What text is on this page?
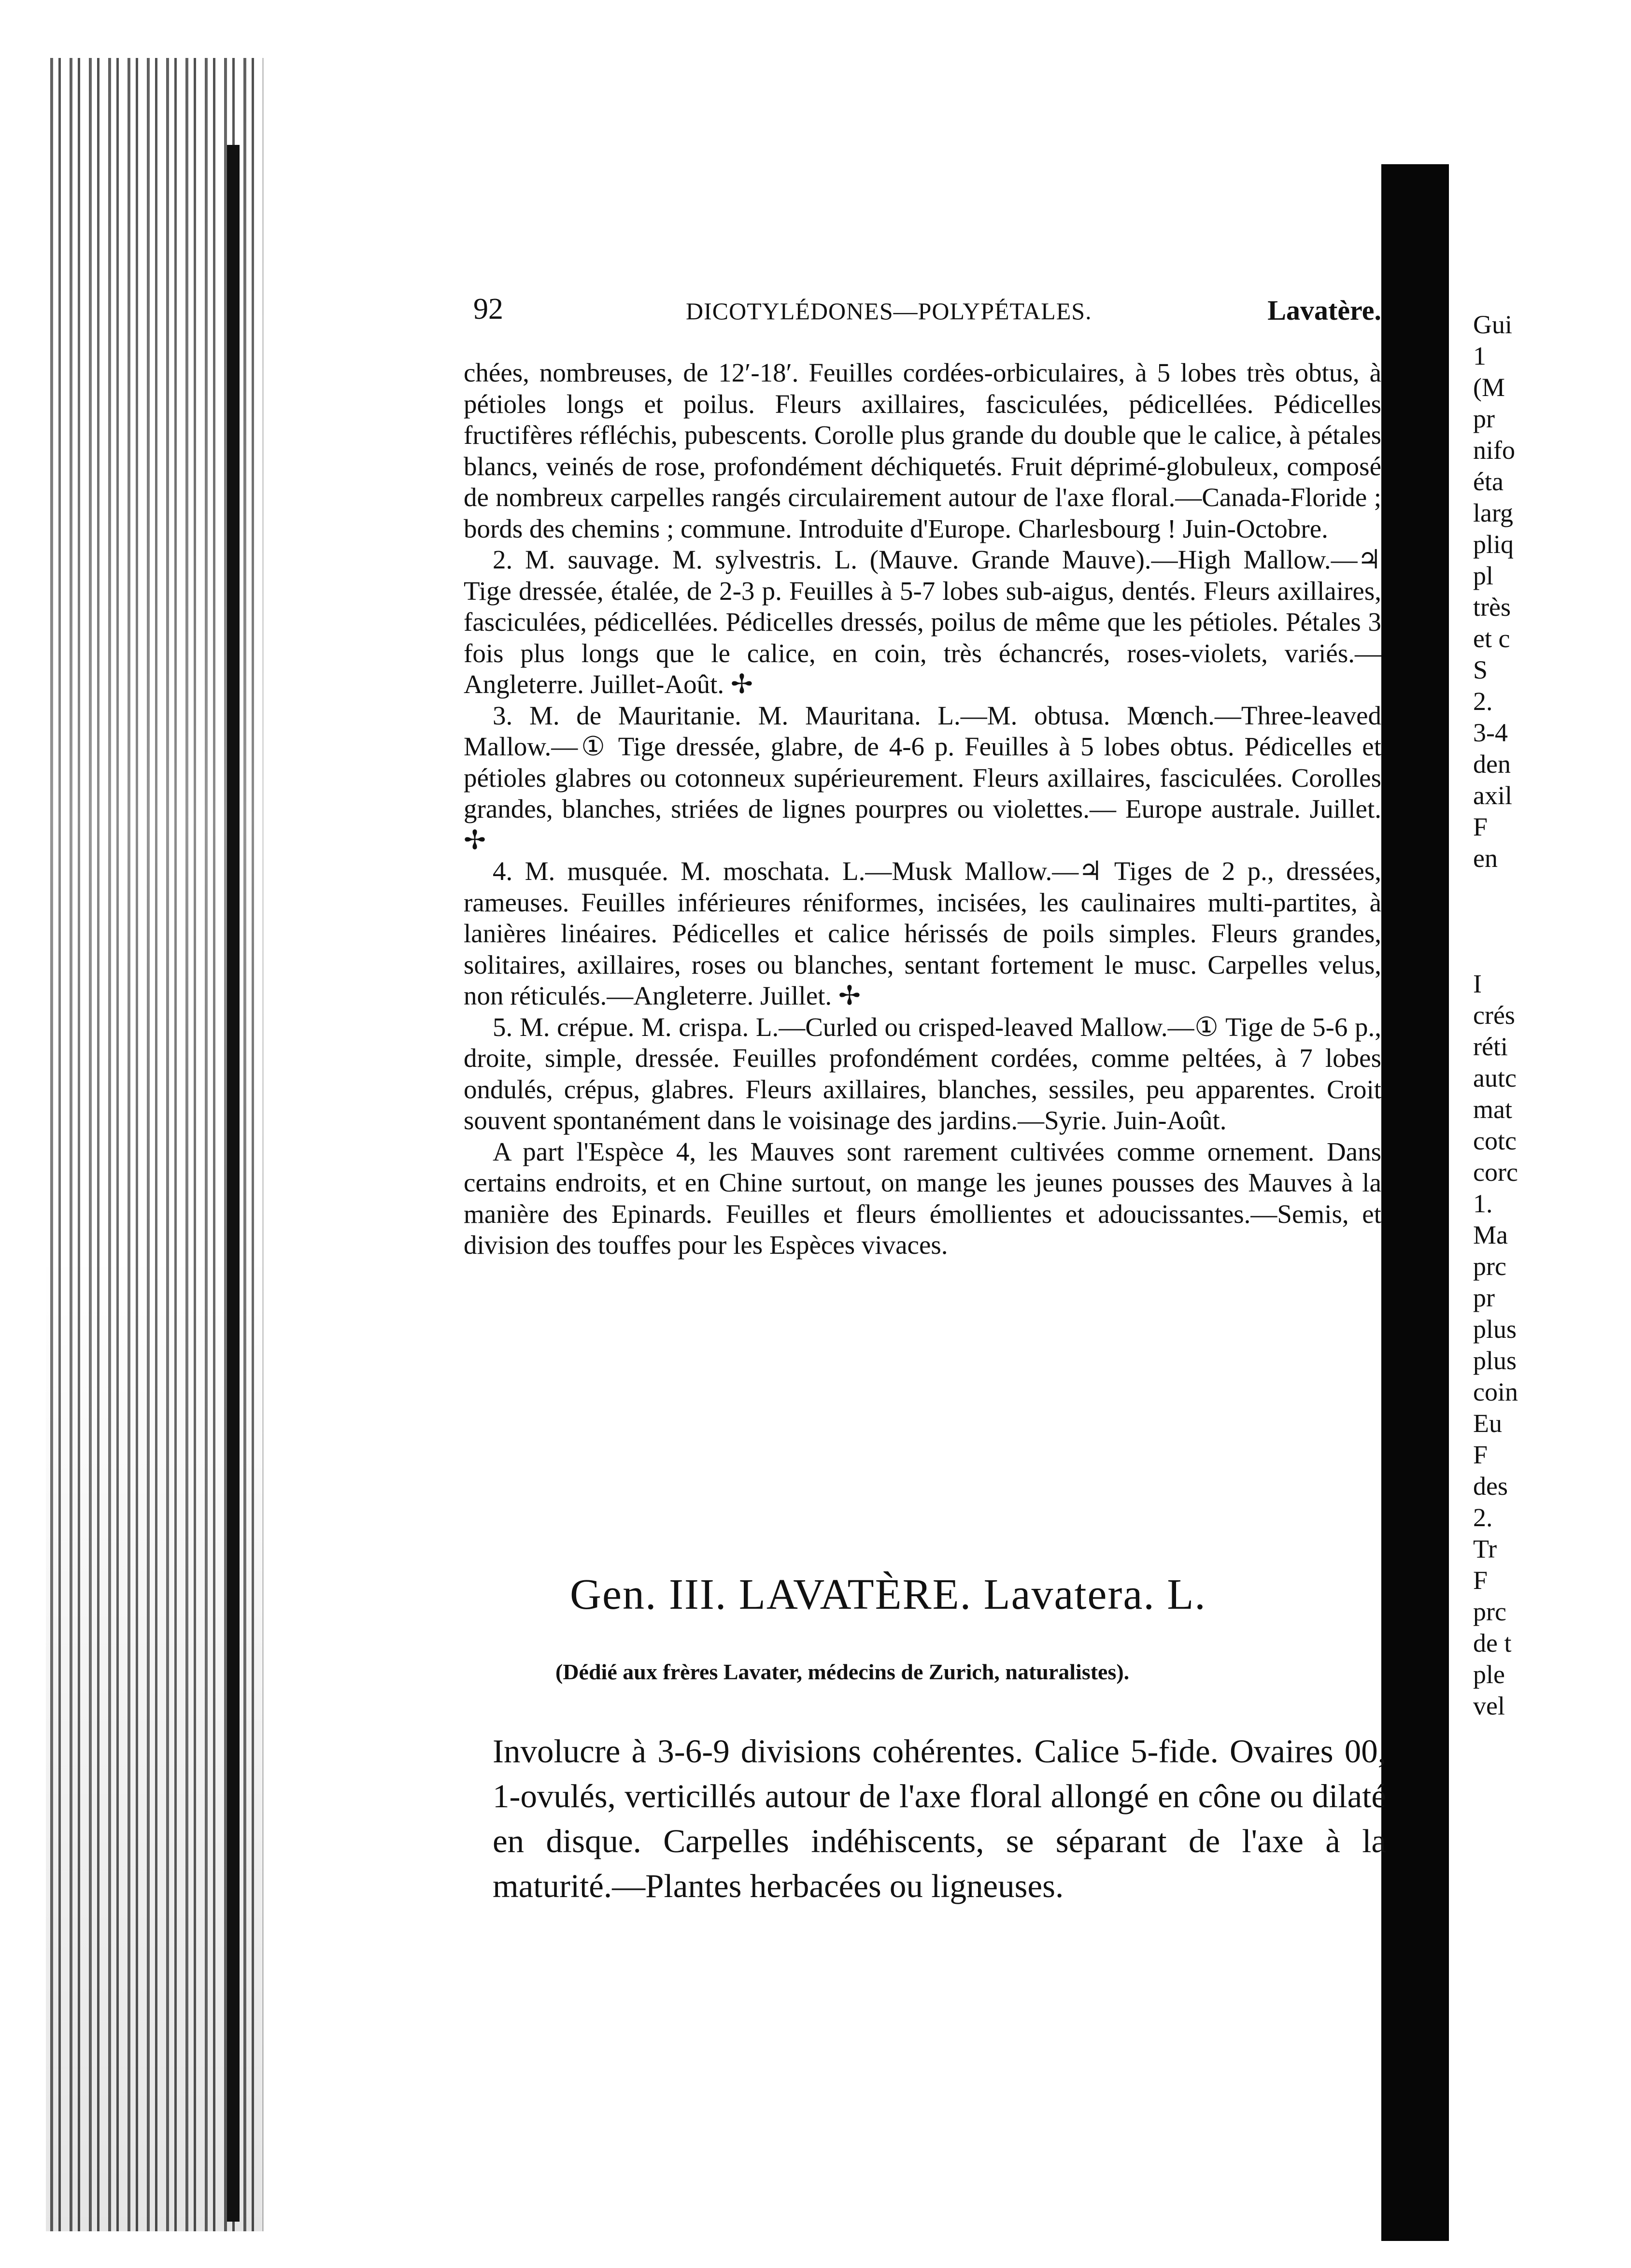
92	DICOTYLÉDONES—POLYPÉTALES.	Lavatère.

chées, nombreuses, de 12′-18′. Feuilles cordées-orbiculaires, à 5 lobes très obtus, à pétioles longs et poilus. Fleurs axillaires, fasciculées, pédicellées. Pédicelles fructifères réfléchis, pubescents. Corolle plus grande du double que le calice, à pétales blancs, veinés de rose, profondément déchiquetés. Fruit déprimé-globuleux, composé de nombreux carpelles rangés circulairement autour de l'axe floral.—Canada-Floride ; bords des chemins ; commune. Introduite d'Europe. Charlesbourg ! Juin-Octobre.

2. M. sauvage. M. sylvestris. L. (Mauve. Grande Mauve).—High Mallow.—♃ Tige dressée, étalée, de 2-3 p. Feuilles à 5-7 lobes sub-aigus, dentés. Fleurs axillaires, fasciculées, pédicellées. Pédicelles dressés, poilus de même que les pétioles. Pétales 3 fois plus longs que le calice, en coin, très échancrés, roses-violets, variés.—Angleterre. Juillet-Août. ✢

3. M. de Mauritanie. M. Mauritana. L.—M. obtusa. Mœnch.—Three-leaved Mallow.—① Tige dressée, glabre, de 4-6 p. Feuilles à 5 lobes obtus. Pédicelles et pétioles glabres ou cotonneux supérieurement. Fleurs axillaires, fasciculées. Corolles grandes, blanches, striées de lignes pourpres ou violettes.— Europe australe. Juillet. ✢

4. M. musquée. M. moschata. L.—Musk Mallow.—♃ Tiges de 2 p., dressées, rameuses. Feuilles inférieures réniformes, incisées, les caulinaires multi-partites, à lanières linéaires. Pédicelles et calice hérissés de poils simples. Fleurs grandes, solitaires, axillaires, roses ou blanches, sentant fortement le musc. Carpelles velus, non réticulés.—Angleterre. Juillet. ✢

5. M. crépue. M. crispa. L.—Curled ou crisped-leaved Mallow.—① Tige de 5-6 p., droite, simple, dressée. Feuilles profondément cordées, comme peltées, à 7 lobes ondulés, crépus, glabres. Fleurs axillaires, blanches, sessiles, peu apparentes. Croit souvent spontanément dans le voisinage des jardins.—Syrie. Juin-Août.

A part l'Espèce 4, les Mauves sont rarement cultivées comme ornement. Dans certains endroits, et en Chine surtout, on mange les jeunes pousses des Mauves à la manière des Epinards. Feuilles et fleurs émollientes et adoucissantes.—Semis, et division des touffes pour les Espèces vivaces.

Gen. III. LAVATÈRE. Lavatera. L.
(Dédié aux frères Lavater, médecins de Zurich, naturalistes).

Involucre à 3-6-9 divisions cohérentes. Calice 5-fide. Ovaires 00, 1-ovulés, verticillés autour de l'axe floral allongé en cône ou dilaté en disque. Carpelles indéhiscents, se séparant de l'axe à la maturité.—Plantes herbacées ou ligneuses.

Gui
1
(M
pr
nifo
éta
larg
pliq
pl
très
et c
S
2.
3-4
den
axil
F
en
I
crés
réti
autc
mat
cotc
corc
1.
Ma
prc
pr
plus
plus
coin
Eu
F
des
2.
Tr
F
prc
de t
ple
vel
